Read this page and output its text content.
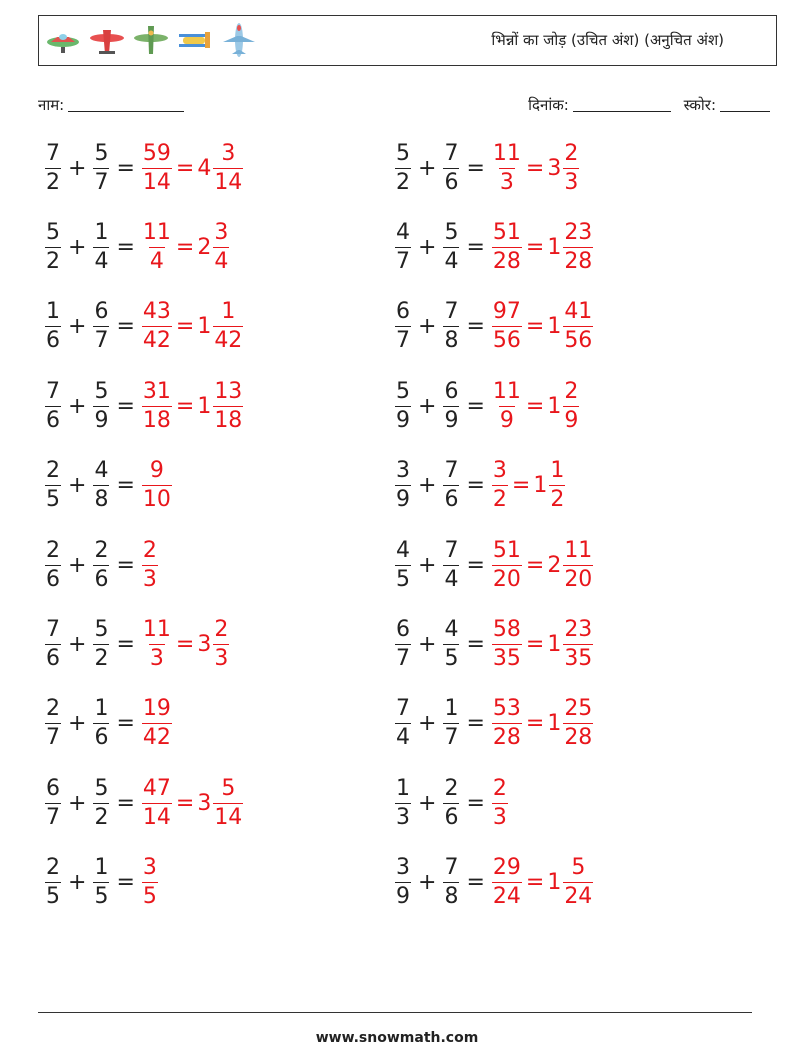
भिन्नों का जोड़ (उचित अंश) (अनुचित अंश)
नाम:	दिनांक:	स्कोर:
$\frac{7}{2} + \frac{5}{7} = \frac{59}{14} = 4 \frac{3}{14}$	$\frac{5}{2} + \frac{7}{6} = \frac{11}{3} = 3 \frac{2}{3}$
$\frac{5}{2} + \frac{1}{4} = \frac{11}{4} = 2 \frac{3}{4}$	$\frac{4}{7} + \frac{5}{4} = \frac{51}{28} = 1 \frac{23}{28}$
$\frac{1}{6} + \frac{6}{7} = \frac{43}{42} = 1 \frac{1}{42}$	$\frac{6}{7} + \frac{7}{8} = \frac{97}{56} = 1 \frac{41}{56}$
$\frac{7}{6} + \frac{5}{9} = \frac{31}{18} = 1 \frac{13}{18}$	$\frac{5}{9} + \frac{6}{9} = \frac{11}{9} = 1 \frac{2}{9}$
$\frac{2}{5} + \frac{4}{8} = \frac{9}{10}$	$\frac{3}{9} + \frac{7}{6} = \frac{3}{2} = 1 \frac{1}{2}$
$\frac{2}{6} + \frac{2}{6} = \frac{2}{3}$	$\frac{4}{5} + \frac{7}{4} = \frac{51}{20} = 2 \frac{11}{20}$
$\frac{7}{6} + \frac{5}{2} = \frac{11}{3} = 3 \frac{2}{3}$	$\frac{6}{7} + \frac{4}{5} = \frac{58}{35} = 1 \frac{23}{35}$
$\frac{2}{7} + \frac{1}{6} = \frac{19}{42}$	$\frac{7}{4} + \frac{1}{7} = \frac{53}{28} = 1 \frac{25}{28}$
$\frac{6}{7} + \frac{5}{2} = \frac{47}{14} = 3 \frac{5}{14}$	$\frac{1}{3} + \frac{2}{6} = \frac{2}{3}$
$\frac{2}{5} + \frac{1}{5} = \frac{3}{5}$	$\frac{3}{9} + \frac{7}{8} = \frac{29}{24} = 1 \frac{5}{24}$
www.snowmath.com
